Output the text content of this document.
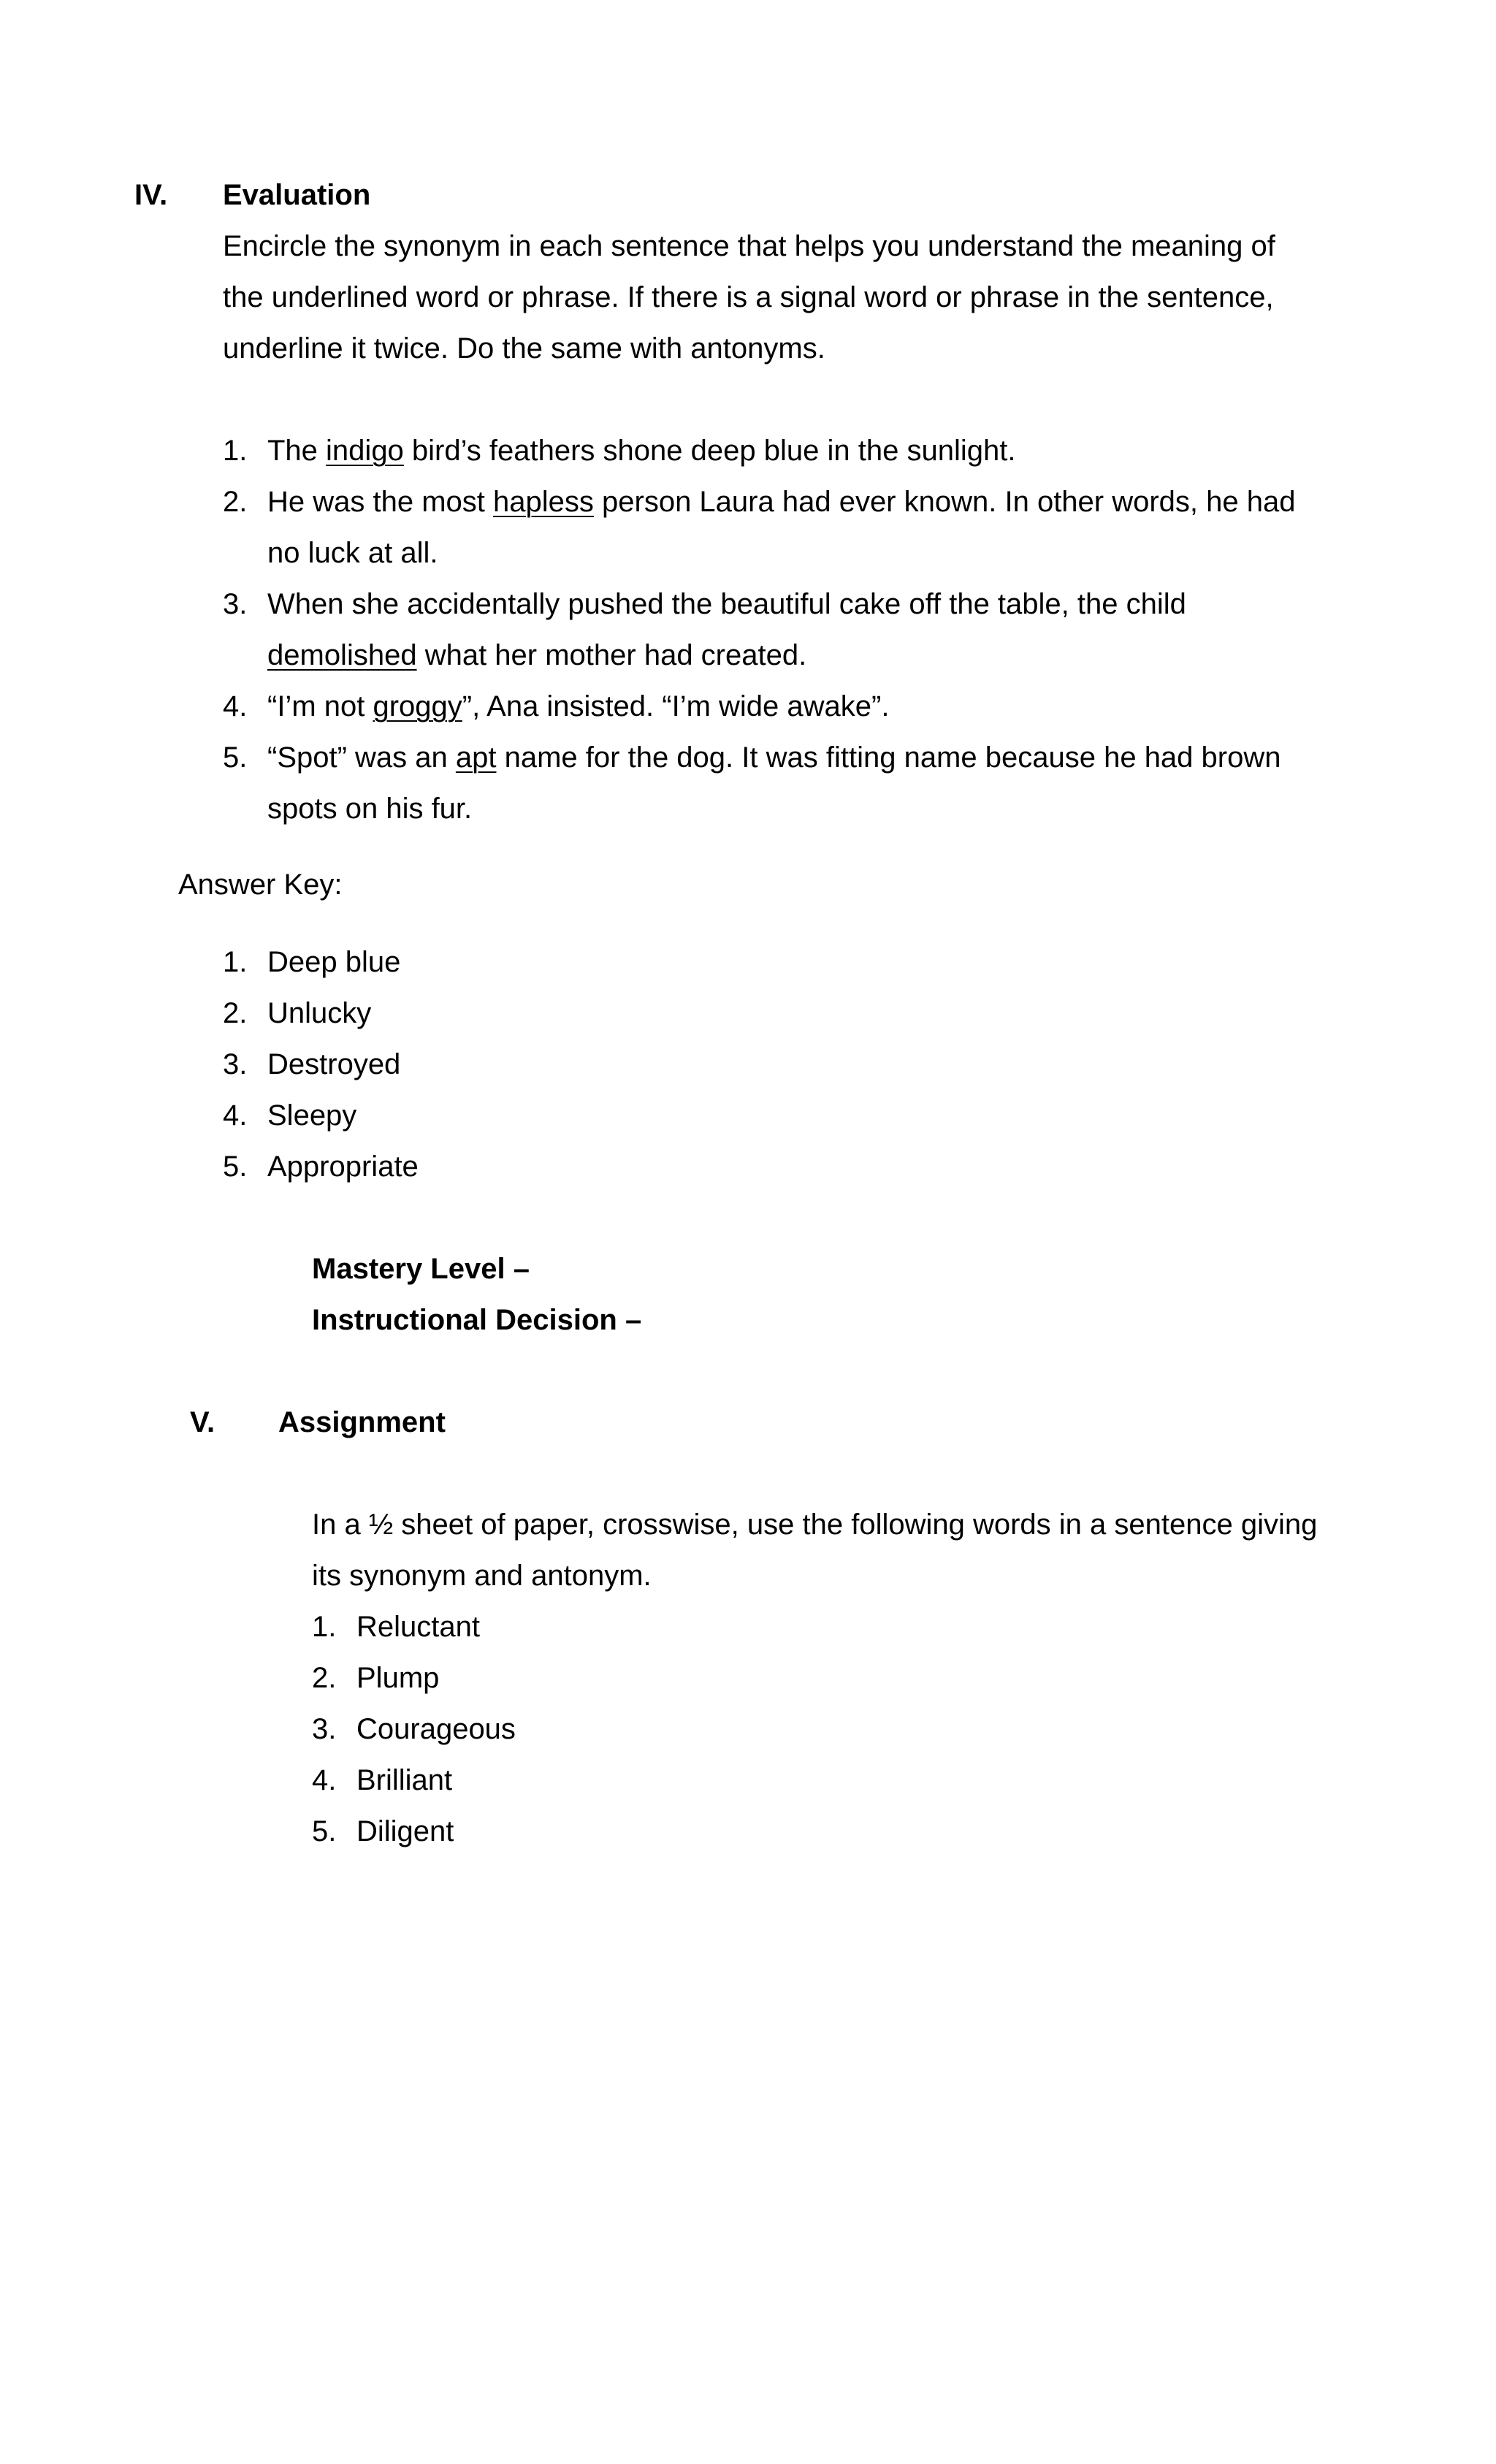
IV. Evaluation
Encircle the synonym in each sentence that helps you understand the meaning of
the underlined word or phrase. If there is a signal word or phrase in the sentence,
underline it twice. Do the same with antonyms.
1. The indigo bird’s feathers shone deep blue in the sunlight.
2. He was the most hapless person Laura had ever known. In other words, he had
no luck at all.
3. When she accidentally pushed the beautiful cake off the table, the child
demolished what her mother had created.
4. “I’m not groggy”, Ana insisted. “I’m wide awake”.
5. “Spot” was an apt name for the dog. It was fitting name because he had brown
spots on his fur.
Answer Key:
1. Deep blue
2. Unlucky
3. Destroyed
4. Sleepy
5. Appropriate
Mastery Level –
Instructional Decision –
V. Assignment
In a ½ sheet of paper, crosswise, use the following words in a sentence giving
its synonym and antonym.
1. Reluctant
2. Plump
3. Courageous
4. Brilliant
5. Diligent
